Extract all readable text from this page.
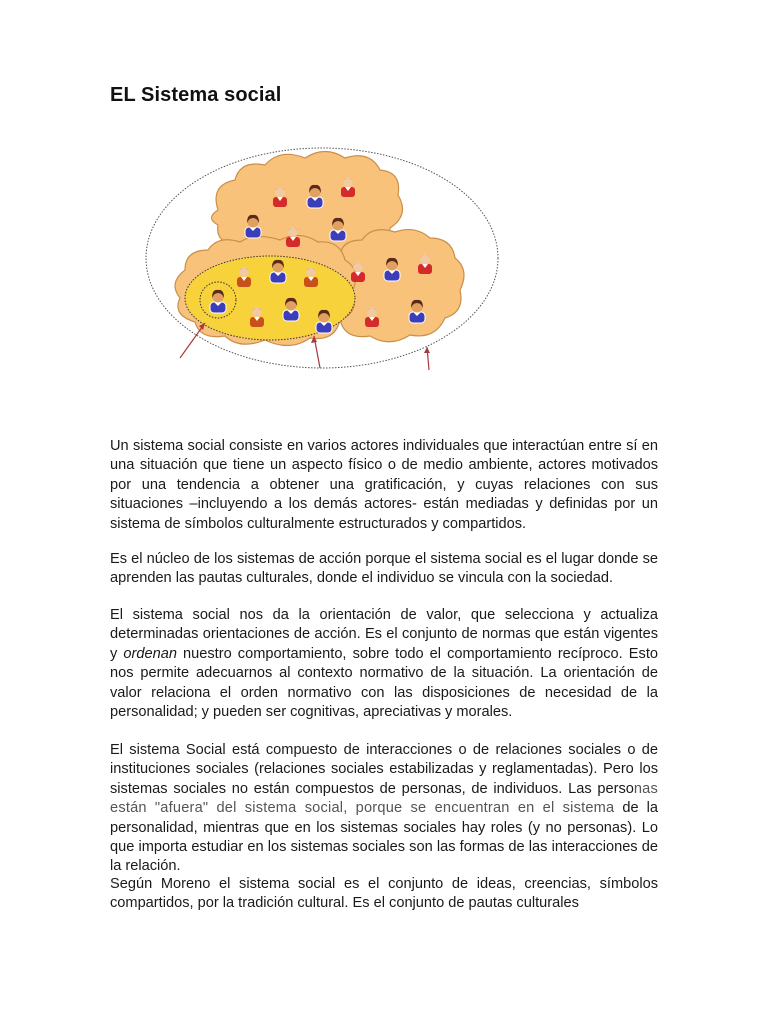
EL Sistema social

Un sistema social consiste en varios actores individuales que interactúan entre sí en una situación que tiene un aspecto físico o de medio ambiente, actores motivados por una tendencia a obtener una gratificación, y cuyas relaciones con sus situaciones –incluyendo a los demás actores- están mediadas y definidas por un sistema de símbolos culturalmente estructurados y compartidos.

Es el núcleo de los sistemas de acción porque el sistema social es el lugar donde se aprenden las pautas culturales, donde el individuo se vincula con la sociedad.

El sistema social nos da la orientación de valor, que selecciona y actualiza determinadas orientaciones de acción. Es el conjunto de normas que están vigentes y ordenan nuestro comportamiento, sobre todo el comportamiento recíproco. Esto nos permite adecuarnos al contexto normativo de la situación. La orientación de valor relaciona el orden normativo con las disposiciones de necesidad de la personalidad; y pueden ser cognitivas, apreciativas y morales.

El sistema Social está compuesto de interacciones o de relaciones sociales o de instituciones sociales (relaciones sociales estabilizadas y reglamentadas). Pero los sistemas sociales no están compuestos de personas, de individuos. Las personas están "afuera" del sistema social, porque se encuentran en el sistema de la personalidad, mientras que en los sistemas sociales hay roles (y no personas). Lo que importa estudiar en los sistemas sociales son las formas de las interacciones de la relación.

Según Moreno el sistema social es el conjunto de ideas, creencias, símbolos compartidos, por la tradición cultural. Es el conjunto de pautas culturales
